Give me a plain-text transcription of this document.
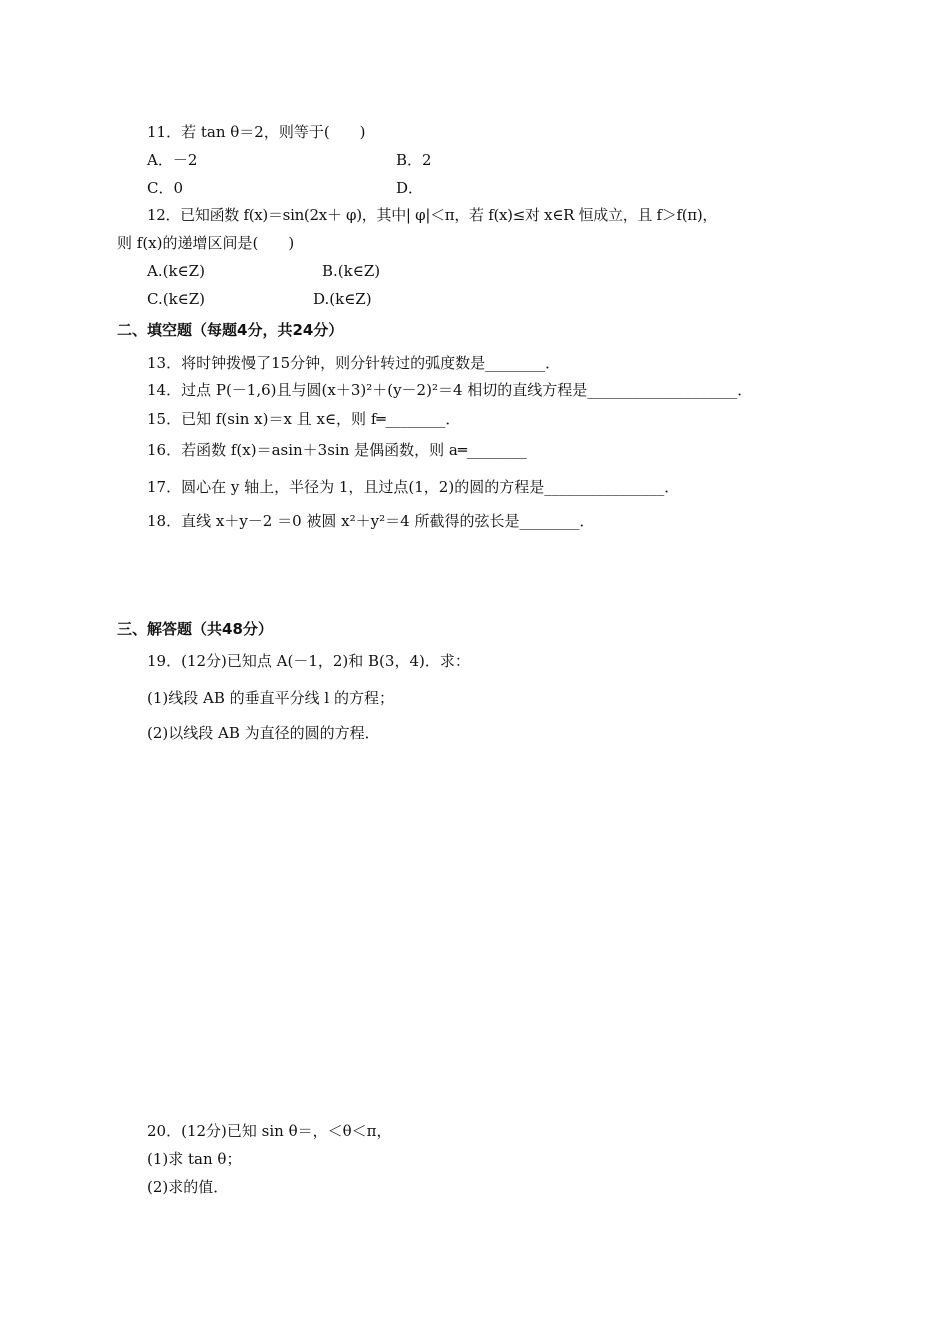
11．若 tan θ＝2，则等于(　　)
A．－2	B．2
C．0	D．
12．已知函数 f(x)＝sin(2x＋ φ)，其中| φ|＜π，若 f(x)≤对 x∈R 恒成立，且 f＞f(π)，
则 f(x)的递增区间是(　　)
A.(k∈Z)	B.(k∈Z)
C.(k∈Z)	D.(k∈Z)
二、填空题（每题4分，共24分）
13．将时钟拨慢了15分钟，则分针转过的弧度数是________．
14．过点 P(－1,6)且与圆(x＋3)²＋(y－2)²＝4 相切的直线方程是____________________．
15．已知 f(sin x)＝x 且 x∈，则 f═________．
16．若函数 f(x)＝asin＋3sin 是偶函数，则 a═________
17．圆心在 y 轴上，半径为 1，且过点(1，2)的圆的方程是________________．
18．直线 x＋y－2 ＝0 被圆 x²＋y²＝4 所截得的弦长是________．
三、解答题（共48分）
19．(12分)已知点 A(－1，2)和 B(3，4)．求：
(1)线段 AB 的垂直平分线 l 的方程；
(2)以线段 AB 为直径的圆的方程．
20．(12分)已知 sin θ＝，＜θ＜π，
(1)求 tan θ；
(2)求的值．
